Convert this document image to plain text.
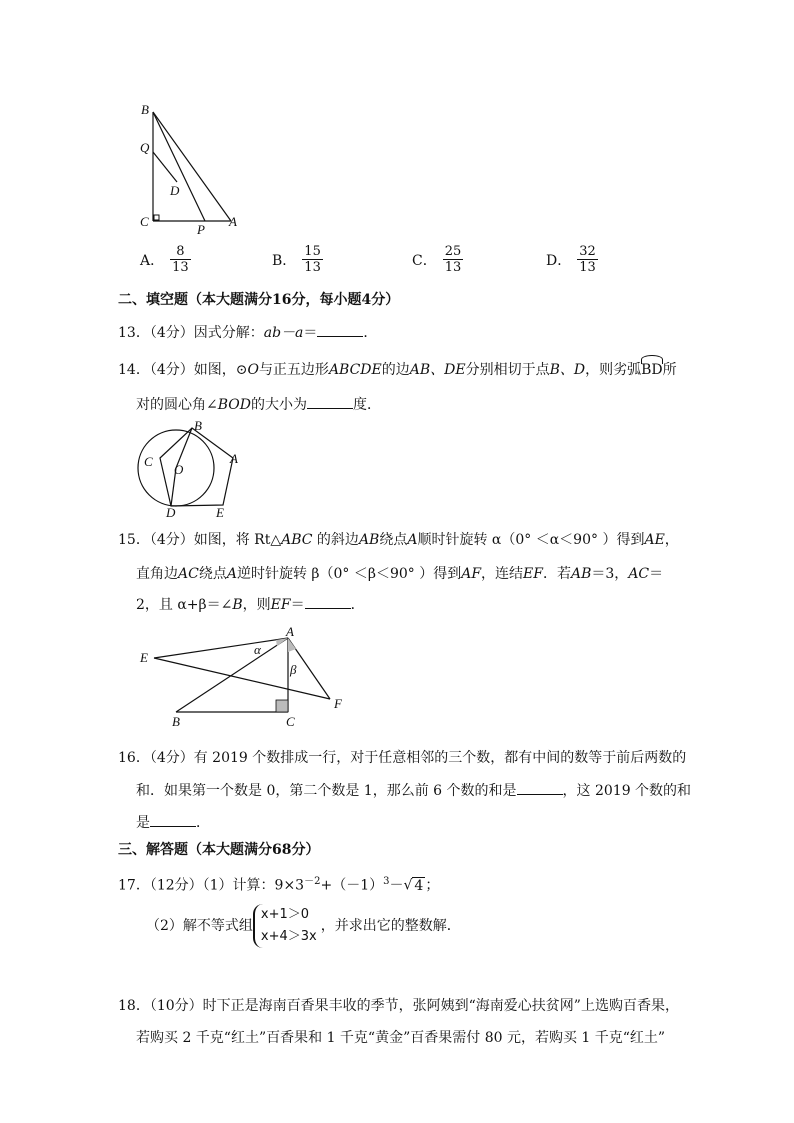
B
Q
D
C
P
A
A． $\frac{8}{13}$	B． $\frac{15}{13}$	C． $\frac{25}{13}$	D． $\frac{32}{13}$
二、填空题（本大题满分16分，每小题4分）
13．（4分）因式分解：ab－a＝	．
14．（4分）如图，⊙O与正五边形ABCDE的边AB、DE分别相切于点B、D，则劣弧
BD所
对的圆心角∠BOD的大小为	度．
B
C
O
A
D	E
15．（4分）如图，将 Rt△ABC 的斜边AB绕点A顺时针旋转 α（0° ＜α＜90° ）得到AE，
直角边AC绕点A逆时针旋转 β（0° ＜β＜90° ）得到AF，连结EF．若AB＝3，AC＝
2，且 α+β＝∠B，则EF＝	．
E
A
α
β
F
B	C
16．（4分）有 2019 个数排成一行，对于任意相邻的三个数，都有中间的数等于前后两数的
和．如果第一个数是 0，第二个数是 1，那么前 6 个数的和是	，这 2019 个数的和
是	．
三、解答题（本大题满分68分）
17．（12分）（1）计算：$9\times 3^{-2}+(-1)^3-√$ 4 ；
（2）解不等式组
x+1＞0
x+4＞3x
，并求出它的整数解．
18．（10分）时下正是海南百香果丰收的季节，张阿姨到“海南爱心扶贫网”上选购百香果，
若购买 2 千克“红土”百香果和 1 千克“黄金”百香果需付 80 元，若购买 1 千克“红土”
